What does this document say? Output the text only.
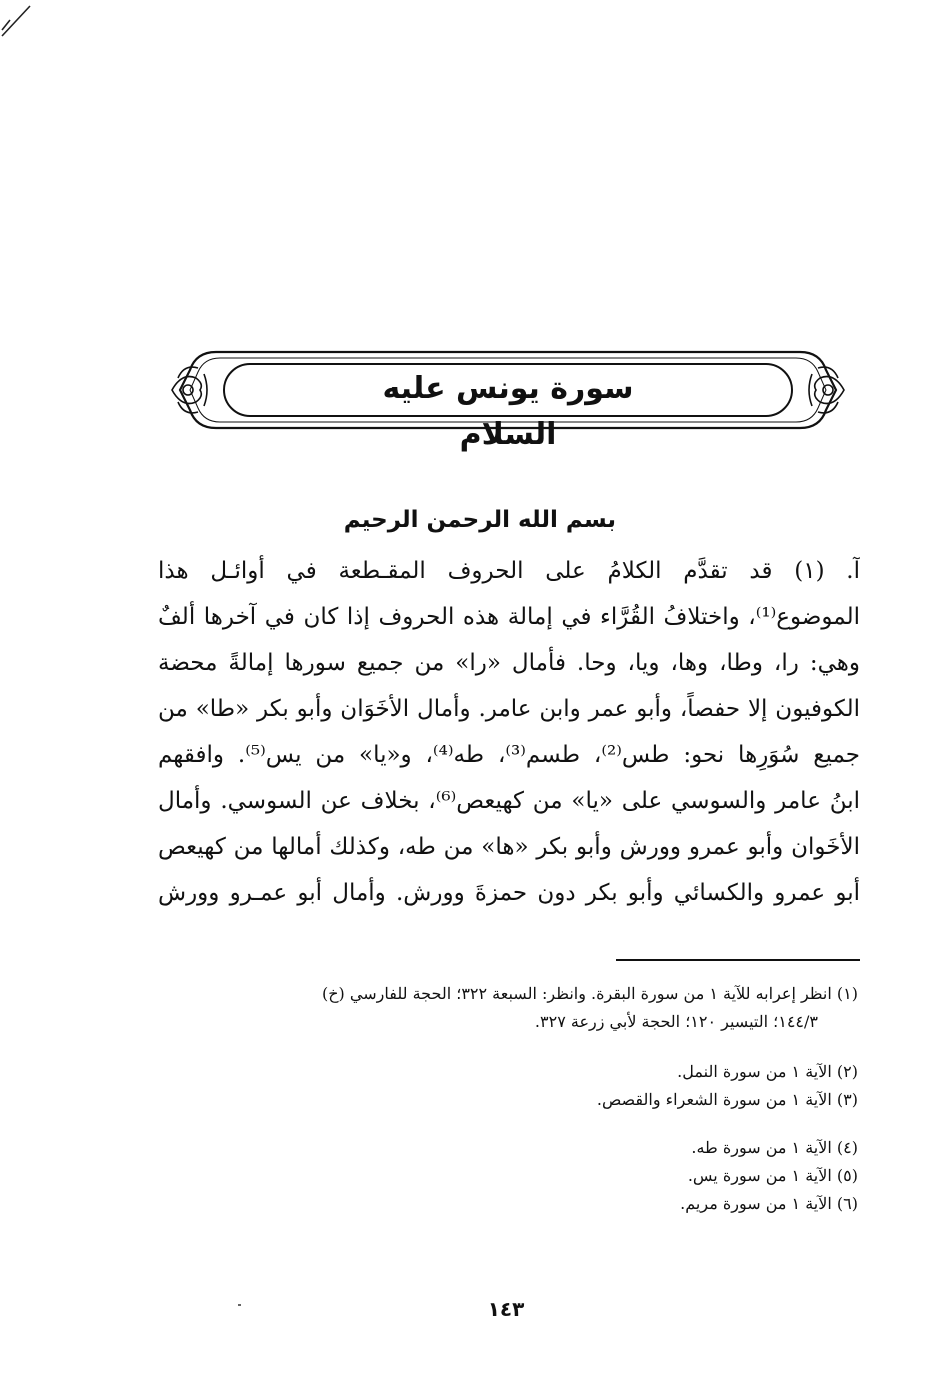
سورة يونس عليه السلام
بسم الله الرحمن الرحيم
آ. (١) قد تقدَّم الكلامُ على الحروف المقـطعة في أوائـل هذا
الموضوع⁽¹⁾، واختلافُ القُرَّاء في إمالة هذه الحروف إذا كان في آخرها ألفٌ
وهي: را، وطا، وها، ويا، وحا. فأمال «را» من جميع سورها إمالةً محضة
الكوفيون إلا حفصاً، وأبو عمر وابن عامر. وأمال الأخَوَان وأبو بكر «طا» من
جميع سُوَرِها نحو: طس⁽²⁾، طسم⁽³⁾، طه⁽⁴⁾، و«يا» من يس⁽⁵⁾. وافقهم
ابنُ عامر والسوسي على «يا» من كهيعص⁽⁶⁾، بخلاف عن السوسي. وأمال
الأخَوان وأبو عمرو وورش وأبو بكر «ها» من طه، وكذلك أمالها من كهيعص
أبو عمرو والكسائي وأبو بكر دون حمزةَ وورش. وأمال أبو عمـرو وورش
(١) انظر إعرابه للآية ١ من سورة البقرة. وانظر: السبعة ٣٢٢؛ الحجة للفارسي (خ)
١٤٤/٣؛ التيسير ١٢٠؛ الحجة لأبي زرعة ٣٢٧.
(٢) الآية ١ من سورة النمل.
(٣) الآية ١ من سورة الشعراء والقصص.
(٤) الآية ١ من سورة طه.
(٥) الآية ١ من سورة يس.
(٦) الآية ١ من سورة مريم.
١٤٣
